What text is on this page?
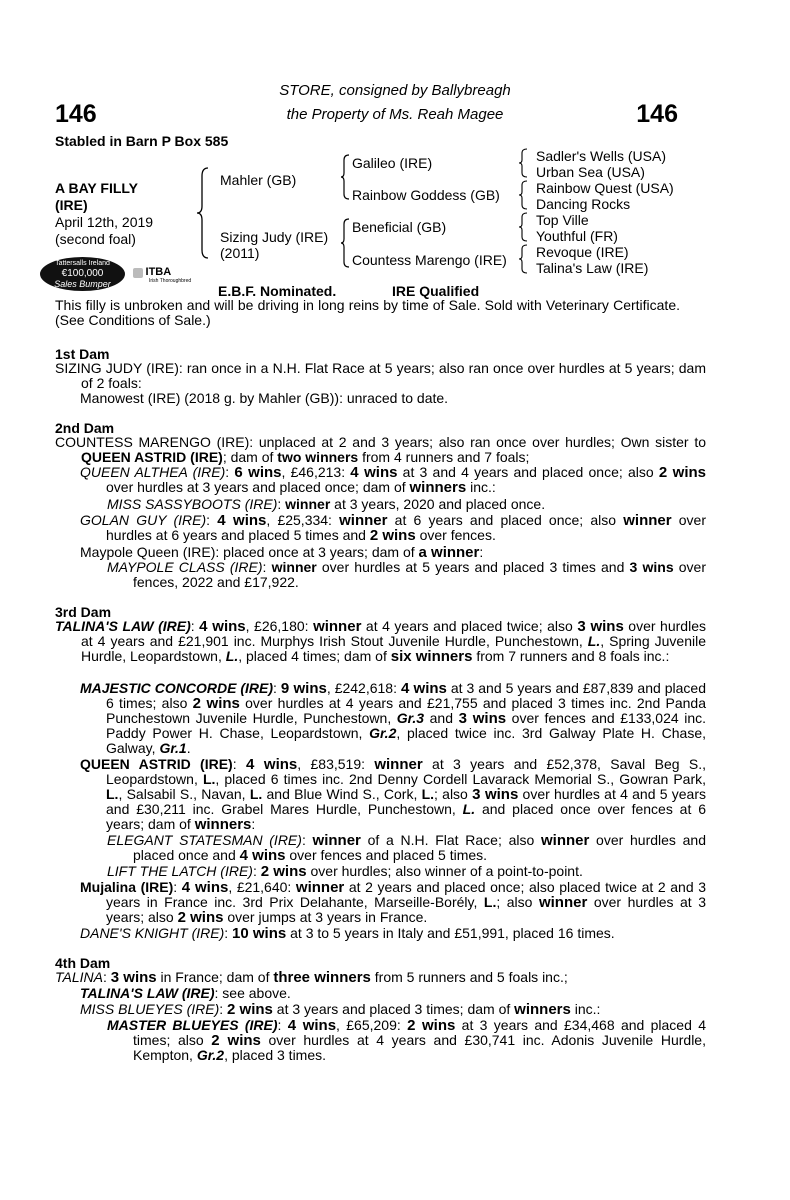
146	146
STORE, consigned by Ballybreagh
the Property of Ms. Reah Magee
Stabled in Barn P Box 585
A BAY FILLY
(IRE)
April 12th, 2019
(second foal)
Mahler (GB)
Sizing Judy (IRE)
(2011)
Galileo (IRE)
Rainbow Goddess (GB)
Beneficial (GB)
Countess Marengo (IRE)
Sadler's Wells (USA)
Urban Sea (USA)
Rainbow Quest (USA)
Dancing Rocks
Top Ville
Youthful (FR)
Revoque (IRE)
Talina's Law (IRE)
Tattersalls Ireland
€100,000
Sales Bumper
ITBA
Irish Thoroughbred
E.B.F. Nominated.	IRE Qualified
This filly is unbroken and will be driving in long reins by time of Sale. Sold with Veterinary Certificate. (See Conditions of Sale.)
1st Dam
SIZING JUDY (IRE): ran once in a N.H. Flat Race at 5 years; also ran once over hurdles at 5 years; dam of 2 foals:
Manowest (IRE) (2018 g. by Mahler (GB)): unraced to date.
2nd Dam
COUNTESS MARENGO (IRE): unplaced at 2 and 3 years; also ran once over hurdles; Own sister to QUEEN ASTRID (IRE); dam of two winners from 4 runners and 7 foals;
QUEEN ALTHEA (IRE): 6 wins, £46,213: 4 wins at 3 and 4 years and placed once; also 2 wins over hurdles at 3 years and placed once; dam of winners inc.:
MISS SASSYBOOTS (IRE): winner at 3 years, 2020 and placed once.
GOLAN GUY (IRE): 4 wins, £25,334: winner at 6 years and placed once; also winner over hurdles at 6 years and placed 5 times and 2 wins over fences.
Maypole Queen (IRE): placed once at 3 years; dam of a winner:
MAYPOLE CLASS (IRE): winner over hurdles at 5 years and placed 3 times and 3 wins over fences, 2022 and £17,922.
3rd Dam
TALINA'S LAW (IRE): 4 wins, £26,180: winner at 4 years and placed twice; also 3 wins over hurdles at 4 years and £21,901 inc. Murphys Irish Stout Juvenile Hurdle, Punchestown, L., Spring Juvenile Hurdle, Leopardstown, L., placed 4 times; dam of six winners from 7 runners and 8 foals inc.:
MAJESTIC CONCORDE (IRE): 9 wins, £242,618: 4 wins at 3 and 5 years and £87,839 and placed 6 times; also 2 wins over hurdles at 4 years and £21,755 and placed 3 times inc. 2nd Panda Punchestown Juvenile Hurdle, Punchestown, Gr.3 and 3 wins over fences and £133,024 inc. Paddy Power H. Chase, Leopardstown, Gr.2, placed twice inc. 3rd Galway Plate H. Chase, Galway, Gr.1.
QUEEN ASTRID (IRE): 4 wins, £83,519: winner at 3 years and £52,378, Saval Beg S., Leopardstown, L., placed 6 times inc. 2nd Denny Cordell Lavarack Memorial S., Gowran Park, L., Salsabil S., Navan, L. and Blue Wind S., Cork, L.; also 3 wins over hurdles at 4 and 5 years and £30,211 inc. Grabel Mares Hurdle, Punchestown, L. and placed once over fences at 6 years; dam of winners:
ELEGANT STATESMAN (IRE): winner of a N.H. Flat Race; also winner over hurdles and placed once and 4 wins over fences and placed 5 times.
LIFT THE LATCH (IRE): 2 wins over hurdles; also winner of a point-to-point.
Mujalina (IRE): 4 wins, £21,640: winner at 2 years and placed once; also placed twice at 2 and 3 years in France inc. 3rd Prix Delahante, Marseille-Borély, L.; also winner over hurdles at 3 years; also 2 wins over jumps at 3 years in France.
DANE'S KNIGHT (IRE): 10 wins at 3 to 5 years in Italy and £51,991, placed 16 times.
4th Dam
TALINA: 3 wins in France; dam of three winners from 5 runners and 5 foals inc.;
TALINA'S LAW (IRE): see above.
MISS BLUEYES (IRE): 2 wins at 3 years and placed 3 times; dam of winners inc.:
MASTER BLUEYES (IRE): 4 wins, £65,209: 2 wins at 3 years and £34,468 and placed 4 times; also 2 wins over hurdles at 4 years and £30,741 inc. Adonis Juvenile Hurdle, Kempton, Gr.2, placed 3 times.
